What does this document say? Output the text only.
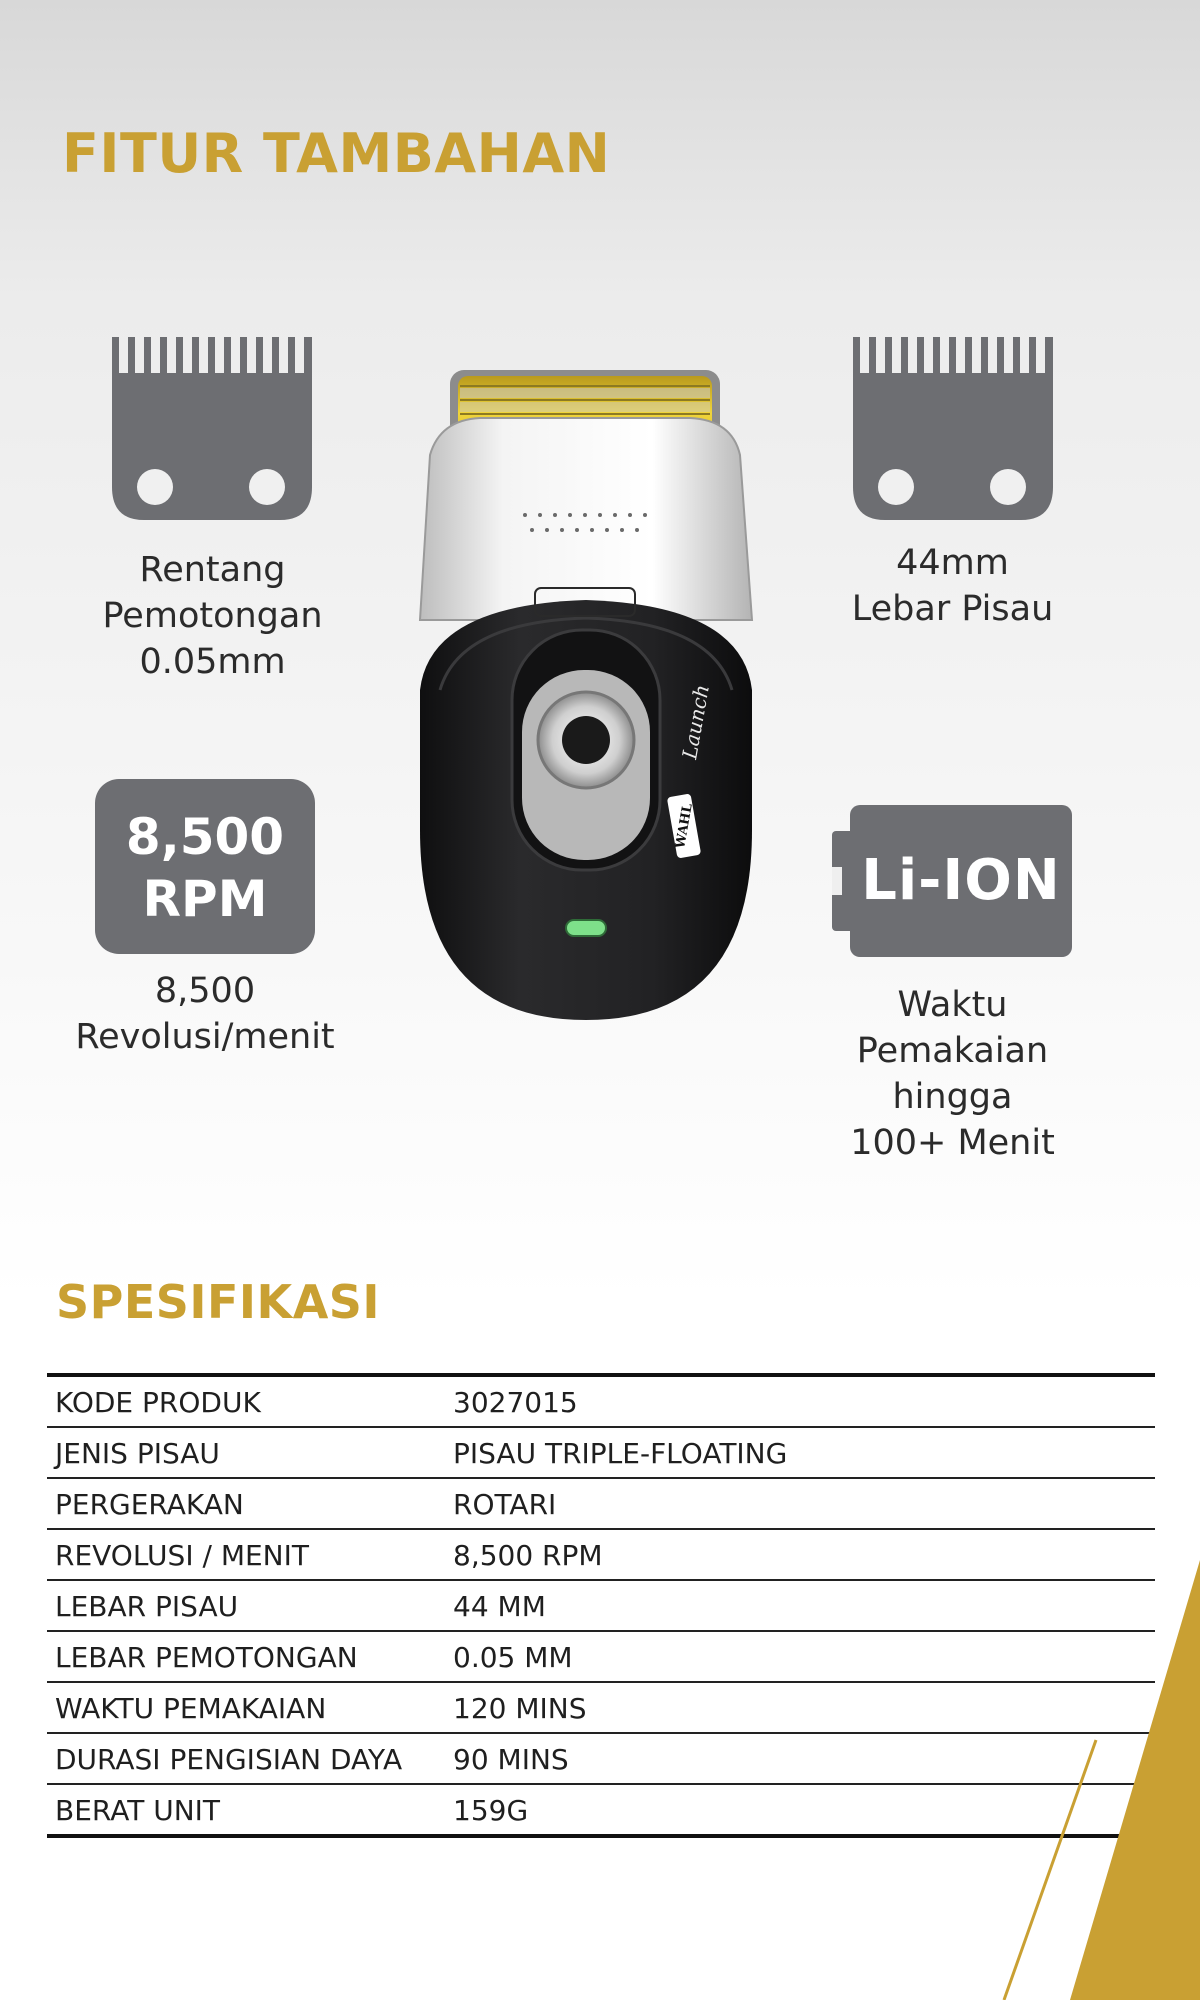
FITUR TAMBAHAN
Rentang
Pemotongan
0.05mm
44mm
Lebar Pisau
8,500
RPM
8,500
Revolusi/menit
Li-ION
Waktu
Pemakaian
hingga
100+ Menit
WAHL
Launch
SPESIFIKASI
KODE PRODUK	3027015
JENIS PISAU	PISAU TRIPLE-FLOATING
PERGERAKAN	ROTARI
REVOLUSI / MENIT	8,500 RPM
LEBAR PISAU	44 MM
LEBAR PEMOTONGAN	0.05 MM
WAKTU PEMAKAIAN	120 MINS
DURASI PENGISIAN DAYA 90 MINS
BERAT UNIT	159G
